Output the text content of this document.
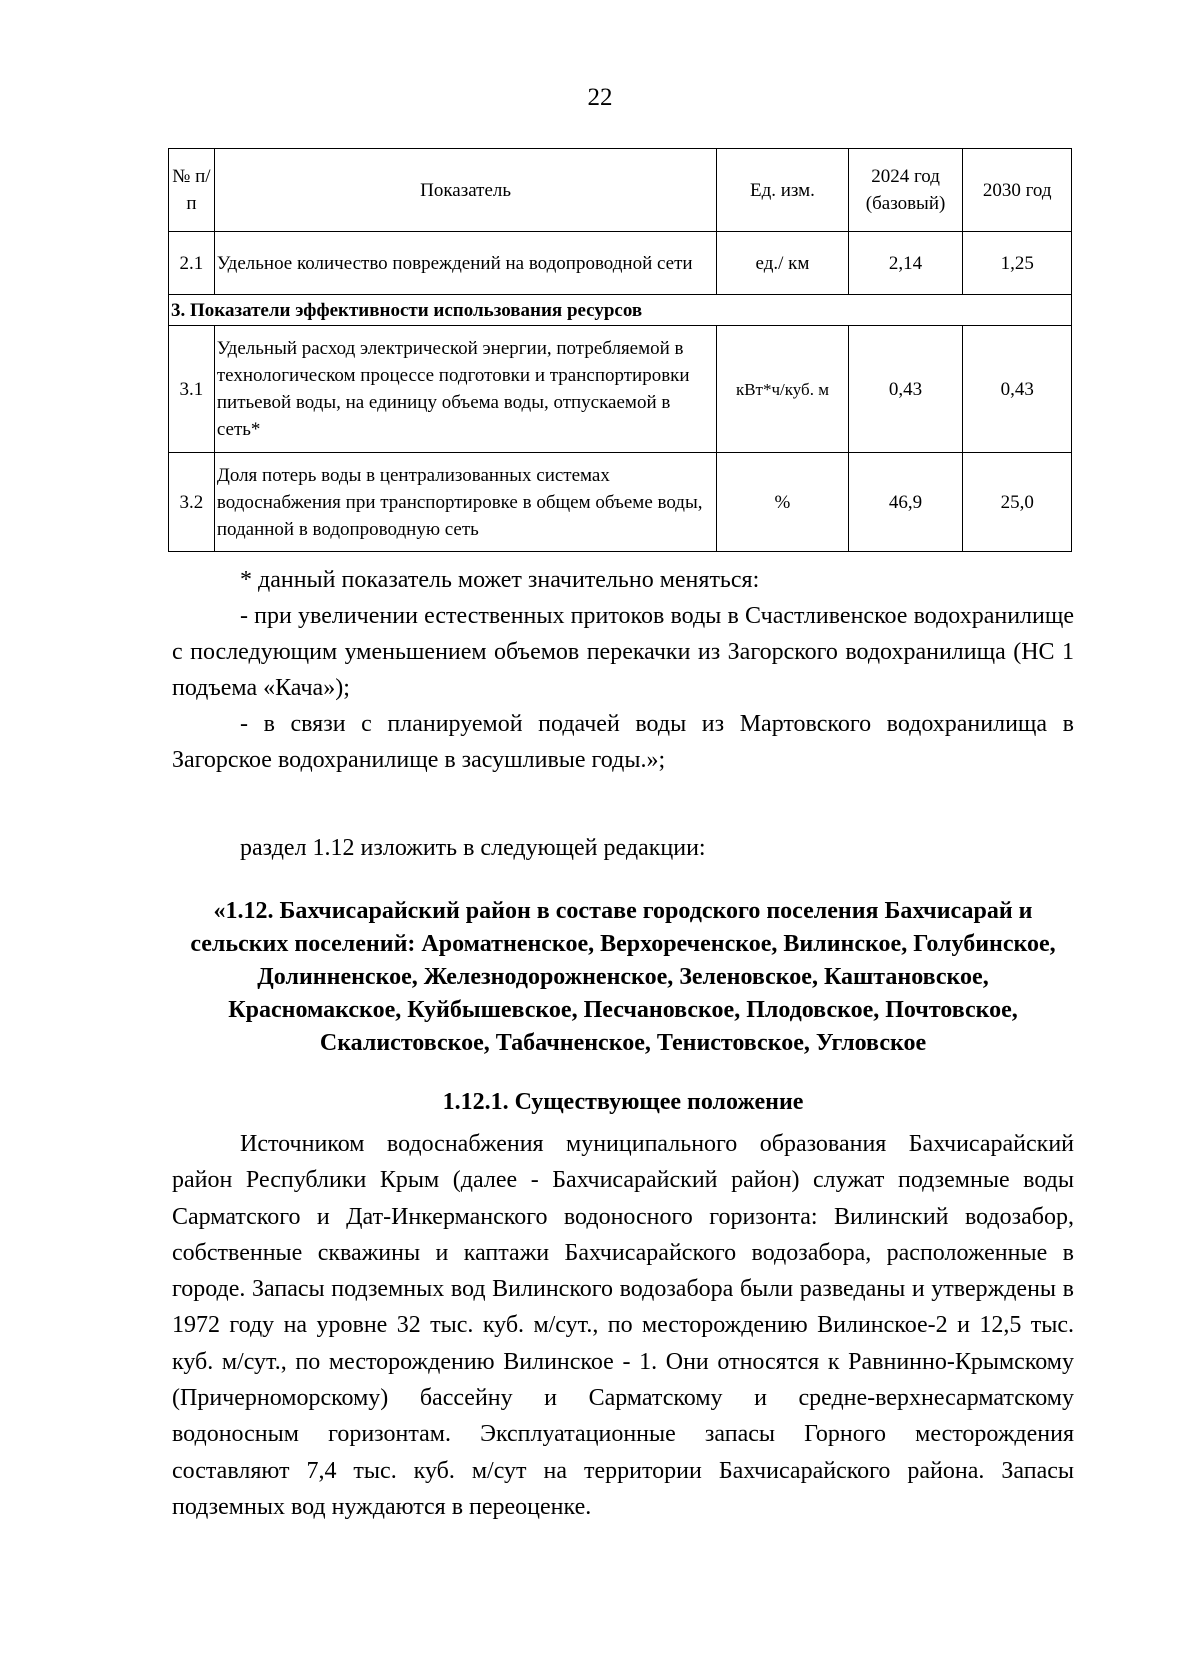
22
№ п/п	Показатель	Ед. изм.	2024 год (базовый)	2030 год
2.1	Удельное количество повреждений на водопроводной сети	ед./ км	2,14	1,25
3. Показатели эффективности использования ресурсов				
3.1	Удельный расход электрической энергии, потребляемой в технологическом процессе подготовки и транспортировки питьевой воды, на единицу объема воды, отпускаемой в сеть*	кВт*ч/куб. м	0,43	0,43
3.2	Доля потерь воды в централизованных системах водоснабжения при транспортировке в общем объеме воды, поданной в водопроводную сеть	%	46,9	25,0

* данный показатель может значительно меняться:

- при увеличении естественных притоков воды в Счастливенское водохранилище с последующим уменьшением объемов перекачки из Загорского водохранилища (НС 1 подъема «Кача»);

- в связи с планируемой подачей воды из Мартовского водохранилища в Загорское водохранилище в засушливые годы.»;

раздел 1.12 изложить в следующей редакции:

«1.12. Бахчисарайский район в составе городского поселения Бахчисарай и сельских поселений: Ароматненское, Верхореченское, Вилинское, Голубинское, Долинненское, Железнодорожненское, Зеленовское, Каштановское, Красномакское, Куйбышевское, Песчановское, Плодовское, Почтовское, Скалистовское, Табачненское, Тенистовское, Угловское
1.12.1. Существующее положение

Источником водоснабжения муниципального образования Бахчисарайский район Республики Крым (далее - Бахчисарайский район) служат подземные воды Сарматского и Дат-Инкерманского водоносного горизонта: Вилинский водозабор, собственные скважины и каптажи Бахчисарайского водозабора, расположенные в городе. Запасы подземных вод Вилинского водозабора были разведаны и утверждены в 1972 году на уровне 32 тыс. куб. м/сут., по месторождению Вилинское-2 и 12,5 тыс. куб. м/сут., по месторождению Вилинское - 1. Они относятся к Равнинно-Крымскому (Причерноморскому) бассейну и Сарматскому и средне-верхнесарматскому водоносным горизонтам. Эксплуатационные запасы Горного месторождения составляют 7,4 тыс. куб. м/сут на территории Бахчисарайского района. Запасы подземных вод нуждаются в переоценке.
